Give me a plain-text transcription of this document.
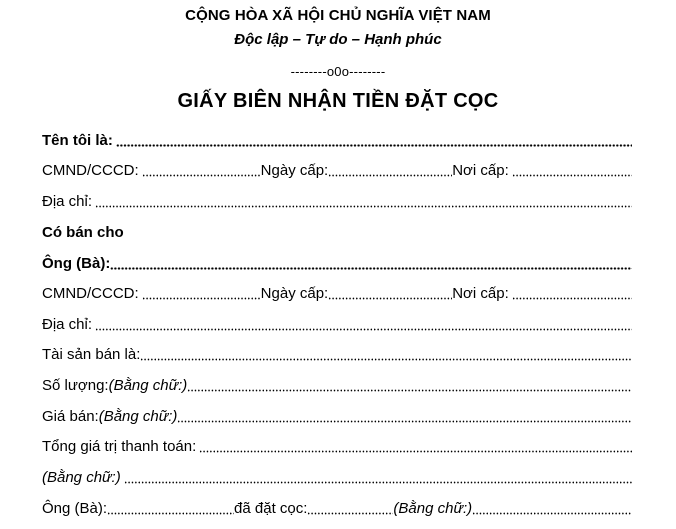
CỘNG HÒA XÃ HỘI CHỦ NGHĨA VIỆT NAM
Độc lập – Tự do – Hạnh phúc
--------o0o--------
GIẤY BIÊN NHẬN TIỀN ĐẶT CỌC
Tên tôi là:
CMND/CCCD:	Ngày cấp:	Nơi cấp:
Địa chỉ:
Có bán cho
Ông (Bà):
CMND/CCCD:	Ngày cấp:	Nơi cấp:
Địa chỉ:
Tài sản bán là:
Số lượng: (Bằng chữ:)
Giá bán: (Bằng chữ:)
Tổng giá trị thanh toán:
(Bằng chữ:)
Ông (Bà):	đã đặt cọc:	(Bằng chữ:)
